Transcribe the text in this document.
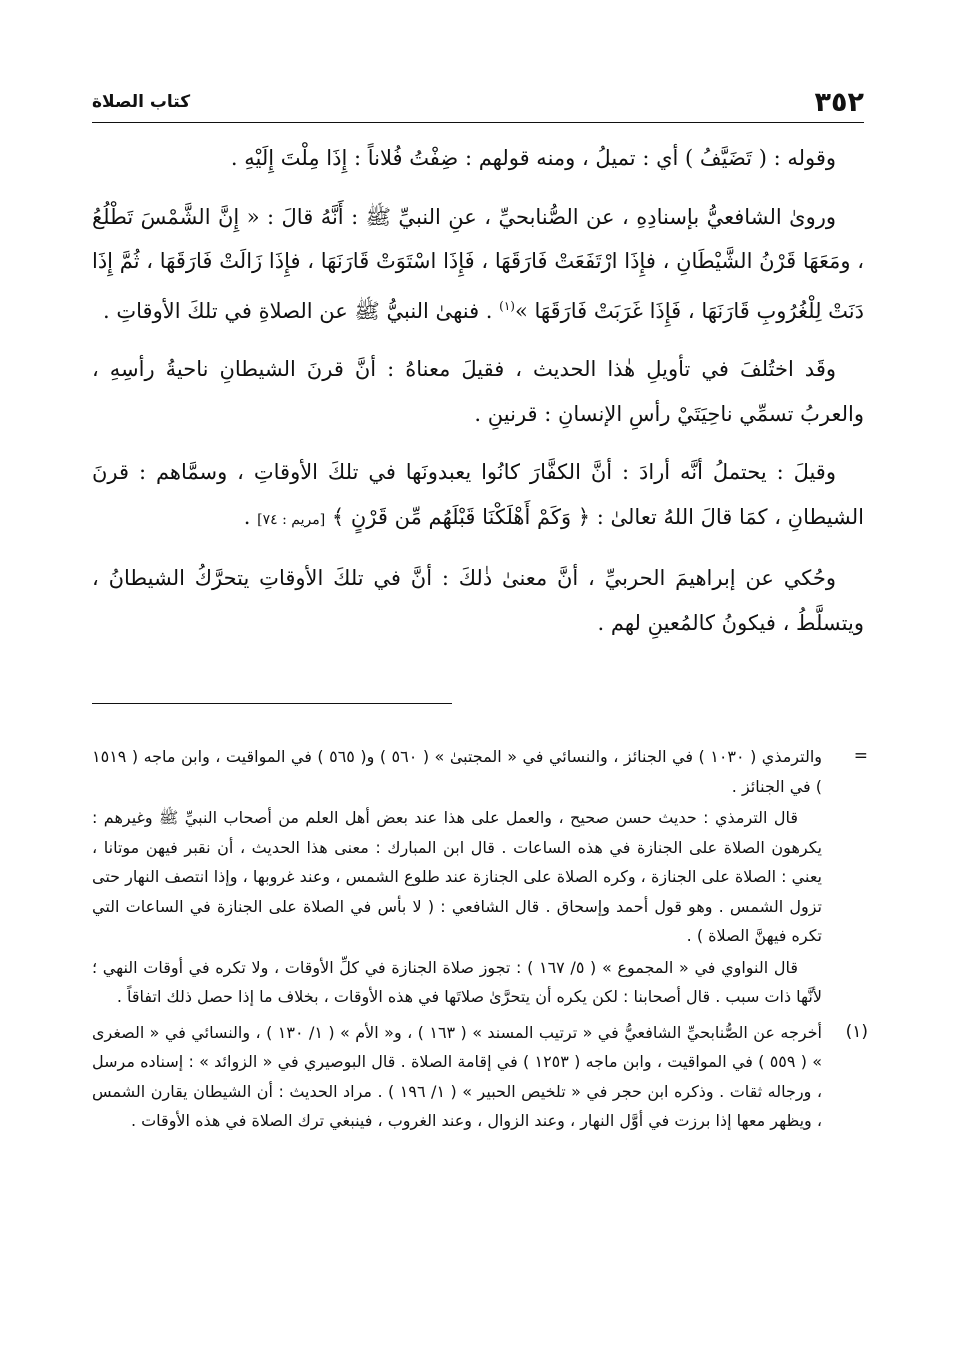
٣٥٢
كتاب الصلاة

وقوله : ( تَضَيَّفُ ) أي : تميلُ ، ومنه قولهم : ضِفْتُ فُلاناً : إِذَا مِلْتَ إِلَيْهِ .

وروىٰ الشافعيُّ بإسنادِهِ ، عن الصُّنابحيِّ ، عنِ النبيِّ ﷺ : أَنَّهُ قالَ : « إِنَّ الشَّمْسَ تَطْلُعُ ، ومَعَهَا قَرْنُ الشَّيْطَانِ ، فإِذَا ارْتَفَعَتْ فَارَقَهَا ، فَإِذَا اسْتَوَتْ قَارَنَهَا ، فإِذَا زَالَتْ فَارَقَهَا ، ثُمَّ إِذَا دَنَتْ لِلْغُرُوبِ قَارَنَهَا ، فَإِذَا غَرَبَتْ فَارَقَهَا »$^{(١)}$ . فنهىٰ النبيُّ ﷺ عن الصلاةِ في تلكَ الأوقاتِ .

وقَد اختُلفَ في تأويلِ هٰذا الحديث ، فقيلَ معناهُ : أنَّ قرنَ الشيطانِ ناحيةُ رأسِهِ ، والعربُ تسمِّي ناحِيَتَيْ رأسِ الإنسانِ : قرنينِ .

وقيلَ : يحتملُ أنَّه أرادَ : أنَّ الكفَّارَ كانُوا يعبدونَها في تلكَ الأوقاتِ ، وسمَّاهم : قرنَ الشيطانِ ، كمَا قالَ اللهُ تعالىٰ : ﴿ وَكَمْ أَهْلَكْنَا قَبْلَهُم مِّن قَرْنٍ ﴾ [مريم : ٧٤] .

وحُكي عن إبراهيمَ الحربيِّ ، أنَّ معنىٰ ذٰلكَ : أنَّ في تلكَ الأوقاتِ يتحرَّكُ الشيطانُ ، ويتسلَّطُ ، فيكونُ كالمُعينِ لهم .

=

والترمذي ( ١٠٣٠ ) في الجنائز ، والنسائي في « المجتبىٰ » ( ٥٦٠ ) و( ٥٦٥ ) في المواقيت ، وابن ماجه ( ١٥١٩ ) في الجنائز .

قال الترمذي : حديث حسن صحيح ، والعمل على هذا عند بعض أهل العلم من أصحاب النبيِّ ﷺ وغيرهم : يكرهون الصلاة على الجنازة في هذه الساعات . قال ابن المبارك : معنى هذا الحديث ، أن نقبر فيهن موتانا ، يعني : الصلاة على الجنازة ، وكره الصلاة على الجنازة عند طلوع الشمس ، وعند غروبها ، وإذا انتصف النهار حتى تزول الشمس . وهو قول أحمد وإسحاق . قال الشافعي : ( لا بأس في الصلاة على الجنازة في الساعات التي تكره فيهنَّ الصلاة ) .

قال النواوي في « المجموع » ( ٥/ ١٦٧ ) : تجوز صلاة الجنازة في كلِّ الأوقات ، ولا تكره في أوقات النهي ؛ لأنَّها ذات سبب . قال أصحابنا : لكن يكره أن يتحرَّىٰ صلاتَها في هذه الأوقات ، بخلاف ما إذا حصل ذلك اتفاقاً .

(١)

أخرجه عن الصُّنابحيِّ الشافعيُّ في « ترتيب المسند » ( ١٦٣ ) ، و« الأم » ( ١/ ١٣٠ ) ، والنسائي في « الصغرى » ( ٥٥٩ ) في المواقيت ، وابن ماجه ( ١٢٥٣ ) في إقامة الصلاة . قال البوصيري في « الزوائد » : إسناده مرسل ، ورجاله ثقات . وذكره ابن حجر في « تلخيص الحبير » ( ١/ ١٩٦ ) . مراد الحديث : أن الشيطان يقارن الشمس ، ويظهر معها إذا برزت في أوَّل النهار ، وعند الزوال ، وعند الغروب ، فينبغي ترك الصلاة في هذه الأوقات .
